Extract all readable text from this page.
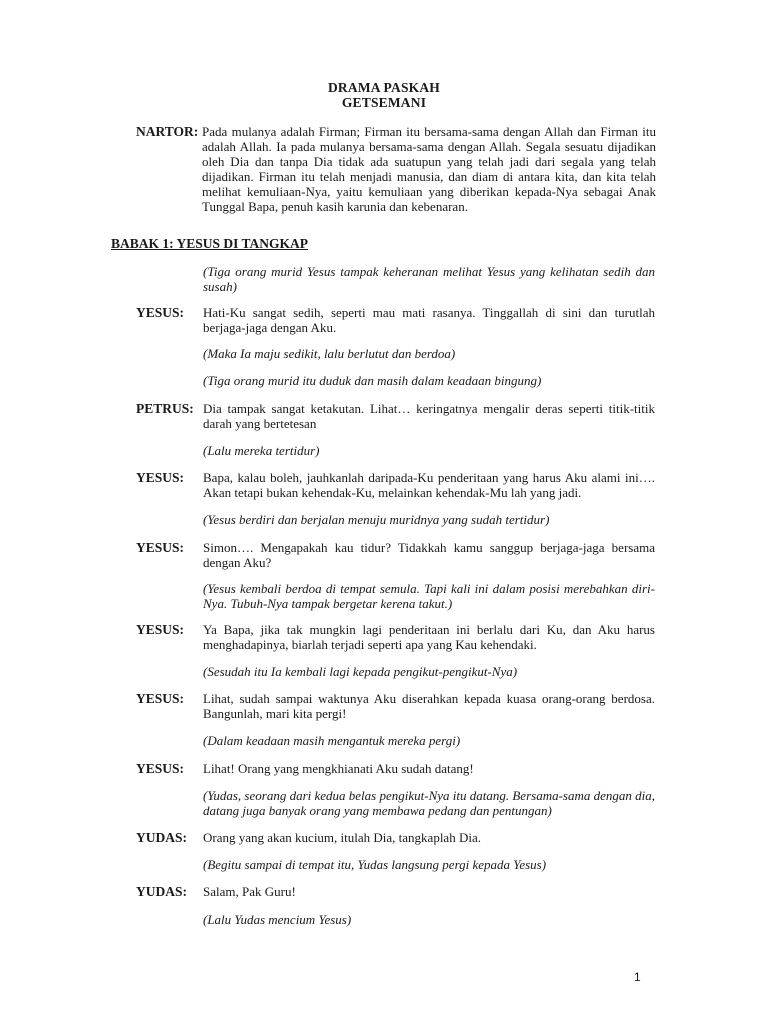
DRAMA PASKAH
GETSEMANI
NARTOR: Pada mulanya adalah Firman; Firman itu bersama-sama dengan Allah dan Firman itu adalah Allah. Ia pada mulanya bersama-sama dengan Allah. Segala sesuatu dijadikan oleh Dia dan tanpa Dia tidak ada suatupun yang telah jadi dari segala yang telah dijadikan. Firman itu telah menjadi manusia, dan diam di antara kita, dan kita telah melihat kemuliaan-Nya, yaitu kemuliaan yang diberikan kepada-Nya sebagai Anak Tunggal Bapa, penuh kasih karunia dan kebenaran.
BABAK 1: YESUS DI TANGKAP
(Tiga orang murid Yesus tampak keheranan melihat Yesus yang kelihatan sedih dan susah)
YESUS: Hati-Ku sangat sedih, seperti mau mati rasanya. Tinggallah di sini dan turutlah berjaga-jaga dengan Aku.
(Maka Ia maju sedikit, lalu berlutut dan berdoa)
(Tiga orang murid itu duduk dan masih dalam keadaan bingung)
PETRUS: Dia tampak sangat ketakutan. Lihat… keringatnya mengalir deras seperti titik-titik darah yang bertetesan
(Lalu mereka tertidur)
YESUS: Bapa, kalau boleh, jauhkanlah daripada-Ku penderitaan yang harus Aku alami ini…. Akan tetapi bukan kehendak-Ku, melainkan kehendak-Mu lah yang jadi.
(Yesus berdiri dan berjalan menuju muridnya yang sudah tertidur)
YESUS: Simon…. Mengapakah kau tidur? Tidakkah kamu sanggup berjaga-jaga bersama dengan Aku?
(Yesus kembali berdoa di tempat semula. Tapi kali ini dalam posisi merebahkan diri-Nya. Tubuh-Nya tampak bergetar kerena takut.)
YESUS: Ya Bapa, jika tak mungkin lagi penderitaan ini berlalu dari Ku, dan Aku harus menghadapinya, biarlah terjadi seperti apa yang Kau kehendaki.
(Sesudah itu Ia kembali lagi kepada pengikut-pengikut-Nya)
YESUS: Lihat, sudah sampai waktunya Aku diserahkan kepada kuasa orang-orang berdosa. Bangunlah, mari kita pergi!
(Dalam keadaan masih mengantuk mereka pergi)
YESUS: Lihat! Orang yang mengkhianati Aku sudah datang!
(Yudas, seorang dari kedua belas pengikut-Nya itu datang. Bersama-sama dengan dia, datang juga banyak orang yang membawa pedang dan pentungan)
YUDAS: Orang yang akan kucium, itulah Dia, tangkaplah Dia.
(Begitu sampai di tempat itu, Yudas langsung pergi kepada Yesus)
YUDAS: Salam, Pak Guru!
(Lalu Yudas mencium Yesus)
1
